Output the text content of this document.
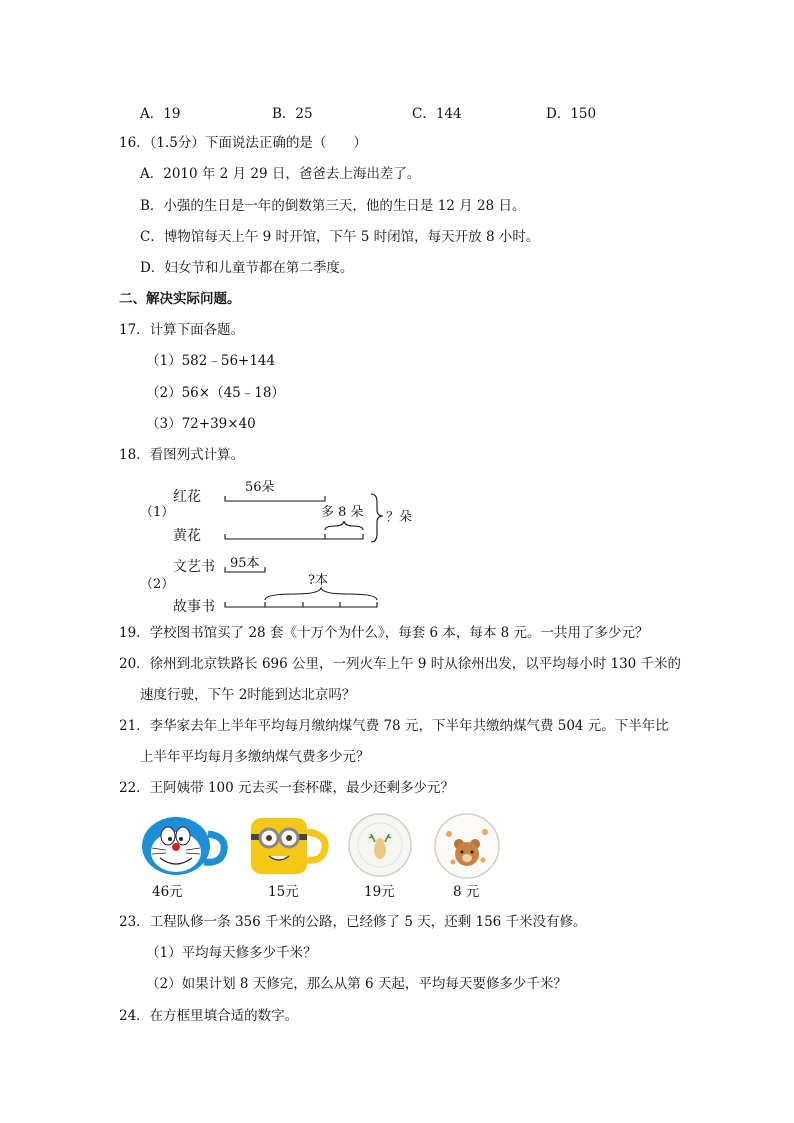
A．19	B．25	C．144	D．150
16．（1.5分）下面说法正确的是（　　）
A．2010 年 2 月 29 日，爸爸去上海出差了。
B．小强的生日是一年的倒数第三天，他的生日是 12 月 28 日。
C．博物馆每天上午 9 时开馆，下午 5 时闭馆，每天开放 8 小时。
D．妇女节和儿童节都在第二季度。
二、解决实际问题。
17．计算下面各题。
（1）582﹣56+144
（2）56×（45﹣18）
（3）72+39×40
18．看图列式计算。
（1）
红花
黄花
56朵
多 8 朵 ？朵
（2）
文艺书
故事书
95本
?本
19．学校图书馆买了 28 套《十万个为什么》，每套 6 本，每本 8 元。一共用了多少元？
20．徐州到北京铁路长 696 公里，一列火车上午 9 时从徐州出发，以平均每小时 130 千米的
速度行驶，下午 2时能到达北京吗？
21．李华家去年上半年平均每月缴纳煤气费 78 元，下半年共缴纳煤气费 504 元。下半年比
上半年平均每月多缴纳煤气费多少元？
22．王阿姨带 100 元去买一套杯碟，最少还剩多少元？
46元	15元	19元	8 元
23．工程队修一条 356 千米的公路，已经修了 5 天，还剩 156 千米没有修。
（1）平均每天修多少千米？
（2）如果计划 8 天修完，那么从第 6 天起，平均每天要修多少千米？
24．在方框里填合适的数字。
